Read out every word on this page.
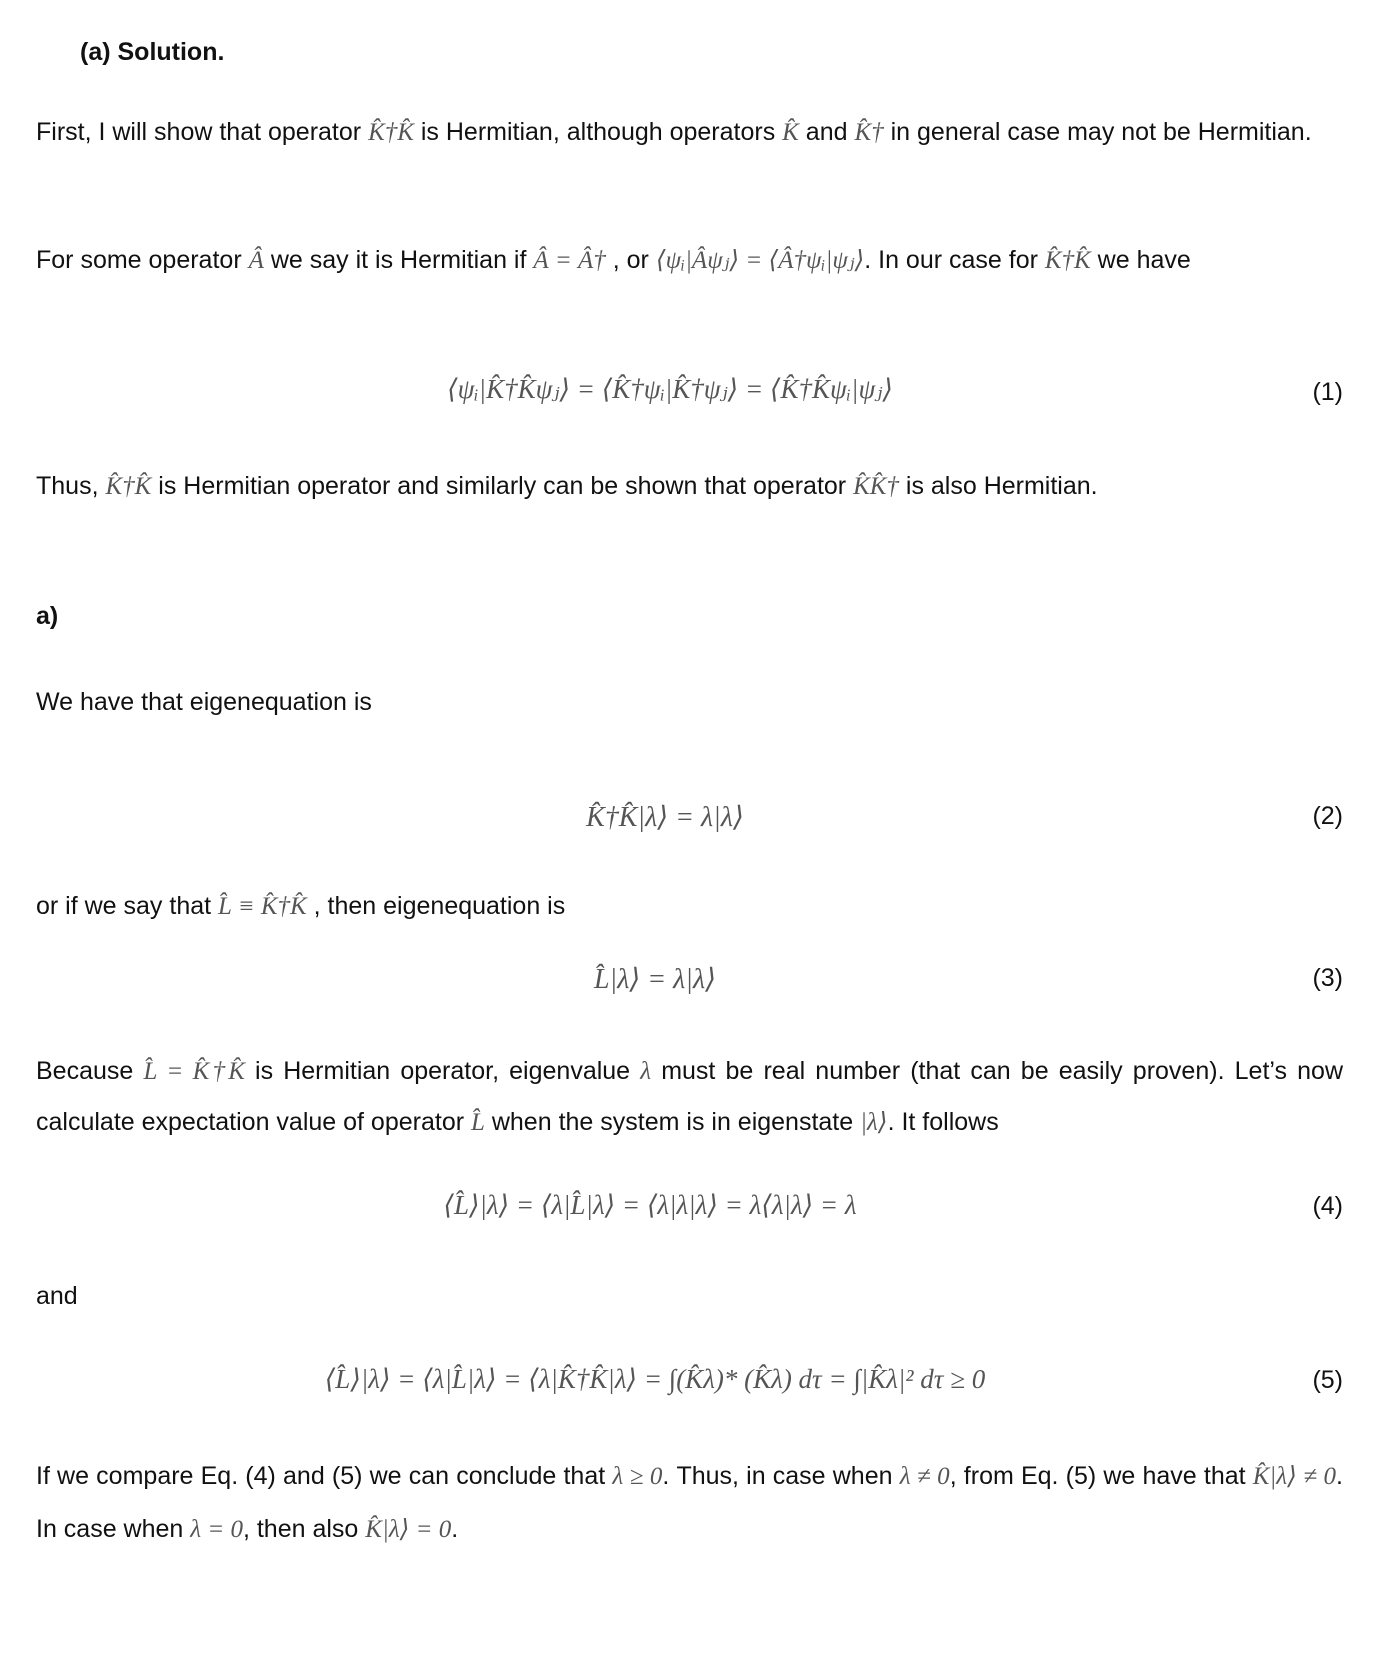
(a) Solution.
First, I will show that operator K̂†K̂ is Hermitian, although operators K̂ and K̂† in general case may not be Hermitian.
For some operator Â we say it is Hermitian if Â = Â† , or ⟨ψᵢ|Âψⱼ⟩ = ⟨Â†ψᵢ|ψⱼ⟩. In our case for K̂†K̂ we have
⟨ψᵢ|K̂†K̂ψⱼ⟩ = ⟨K̂†ψᵢ|K̂†ψⱼ⟩ = ⟨K̂†K̂ψᵢ|ψⱼ⟩	(1)
Thus, K̂†K̂ is Hermitian operator and similarly can be shown that operator K̂K̂† is also Hermitian.
a)
We have that eigenequation is
K̂†K̂|λ⟩ = λ|λ⟩	(2)
or if we say that L̂ ≡ K̂†K̂ , then eigenequation is
L̂|λ⟩ = λ|λ⟩	(3)
Because L̂ = K̂†K̂ is Hermitian operator, eigenvalue λ must be real number (that can be easily proven). Let’s now calculate expectation value of operator L̂ when the system is in eigenstate |λ⟩. It follows
⟨L̂⟩|λ⟩ = ⟨λ|L̂|λ⟩ = ⟨λ|λ|λ⟩ = λ⟨λ|λ⟩ = λ	(4)
and
⟨L̂⟩|λ⟩ = ⟨λ|L̂|λ⟩ = ⟨λ|K̂†K̂|λ⟩ = ∫(K̂λ)* (K̂λ) dτ = ∫|K̂λ|² dτ ≥ 0	(5)
If we compare Eq. (4) and (5) we can conclude that λ ≥ 0. Thus, in case when λ ≠ 0, from Eq. (5) we have that K̂|λ⟩ ≠ 0. In case when λ = 0, then also K̂|λ⟩ = 0.
